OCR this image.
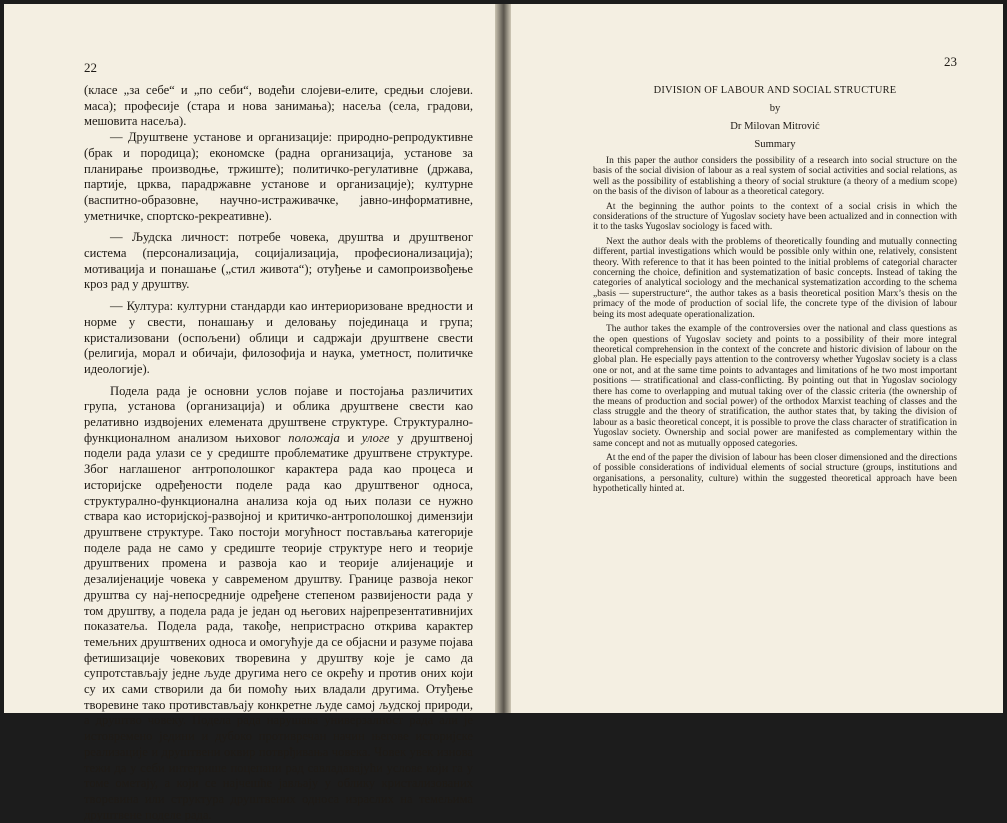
22

(класе „за себе“ и „по себи“, водећи слојеви-елите, средњи слојеви. маса); професије (стара и нова занимања); насеља (села, градови, мешовита насеља).

— Друштвене установе и организације: природно-репродуктивне (брак и породица); економске (радна организација, установе за планирање производње, тржиште); политичко-регулативне (држава, партије, црква, парадржавне установе и организације); културне (васпитно-образовне, научно-истраживачке, јавно-информативне, уметничке, спортско-рекреативне).

— Људска личност: потребе човека, друштва и друштвеног система (персонализација, социјализација, професионализација); мотивација и понашање („стил живота“); отуђење и самопроизвођење кроз рад у друштву.

— Култура: културни стандарди као интериоризоване вредности и норме у свести, понашању и деловању појединаца и група; кристализовани (оспољени) облици и садржаји друштвене свести (религија, морал и обичаји, филозофија и наука, уметност, политичке идеологије).

Подела рада је основни услов појаве и постојања различитих група, установа (организација) и облика друштвене свести као релативно издвојених елемената друштвене структуре. Структурално-функционалном анализом њиховог положаја и улоге у друштвеној подели рада улази се у средиште проблематике друштвене структуре. Због наглашеног антрополошког карактера рада као процеса и историјске одређености поделе рада као друштвеног односа, структурално-функционална анализа која од њих полази се нужно ствара као историјској-развојној и критичко-антрополошкој димензији друштвене структуре. Тако постоји могућност постављања категорије поделе рада не само у средиште теорије структуре него и теорије друштвених промена и развоја као и теорије алијенације и дезалијенације човека у савременом друштву. Границе развоја неког друштва су нај-непосредније одређене степеном развијености рада у том друштву, а подела рада је један од његових најрепрезентативнијих показатеља. Подела рада, такође, непристрасно открива карактер темељних друштвених односа и омогућује да се објасни и разуме појава фетишизације човекових творевина у друштву које је само да супротстављају једне људе другима него се окрећу и против оних који су их сами створили да би помоћу њих владали другима. Отуђење творевине тако противстављају конкретне људе самој људској природи, а друштво човеку. Подела рада нарушава универзалност рада али је истовремено једини и дубоко противречан начин његове историјске реализације и друштвени оквир потврђивања човека. Човек увек изнова тежи да у себи интегрише поцепани рад савладавајући услове који га у томе ометају, а који се најчешће јављају у облику кристализованих творевина или структура друштвених односа израслих на темељима друштвене поделе рада.

23
DIVISION OF LABOUR AND SOCIAL STRUCTURE
by
Dr Milovan Mitrović
Summary

In this paper the author considers the possibility of a research into social structure on the basis of the social division of labour as a real system of social activities and social relations, as well as the possibility of establishing a theory of social strukture (a theory of a medium scope) on the basis of the divison of labour as a theoretical category.

At the beginning the author points to the context of a social crisis in which the considerations of the structure of Yugoslav society have been actualized and in connection with it to the tasks Yugoslav sociology is faced with.

Next the author deals with the problems of theoretically founding and mutually connecting different, partial investigations which would be possible only within one, relatively, consistent theory. With reference to that it has been pointed to the initial problems of categorial character concerning the choice, definition and systematization of basic concepts. Instead of taking the categories of analytical sociology and the mechanical systematization according to the schema „basis — superstructure“, the author takes as a basis theoretical position Marx’s thesis on the primacy of the mode of production of social life, the concrete type of the division of labour being its most adequate operationalization.

The author takes the example of the controversies over the national and class questions as the open questions of Yugoslav society and points to a possibility of their more integral theoretical comprehension in the context of the concrete and historic division of labour on the global plan. He especially pays attention to the controversy whether Yugoslav society is a class one or not, and at the same time points to advantages and limitations of he two most important positions — stratificational and class-conflicting. By pointing out that in Yugoslav sociology there has come to overlapping and mutual taking over of the classic criteria (the ownership of the means of production and social power) of the orthodox Marxist teaching of classes and the class struggle and the theory of stratification, the author states that, by taking the division of labour as a basic theoretical concept, it is possible to prove the class character of stratification in Yugoslav society. Ownership and social power are manifested as complementary within the same concept and not as mutually opposed categories.

At the end of the paper the division of labour has been closer dimensioned and the directions of possible considerations of individual elements of social structure (groups, institutions and organisations, a personality, culture) within the suggested theoretical approach have been hypothetically hinted at.
